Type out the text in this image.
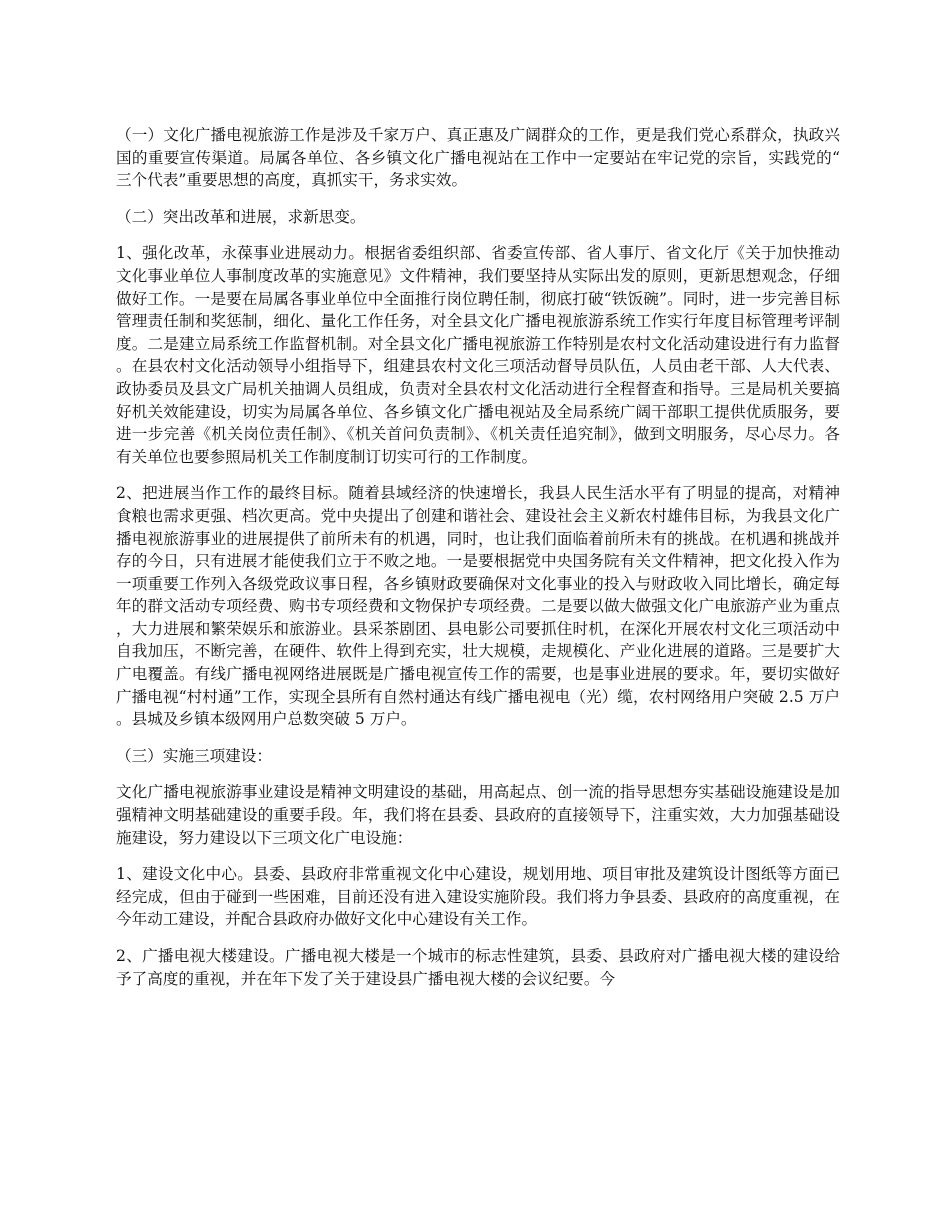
（一）文化广播电视旅游工作是涉及千家万户、真正惠及广阔群众的工作，更是我们党心系群众，执政兴国的重要宣传渠道。局属各单位、各乡镇文化广播电视站在工作中一定要站在牢记党的宗旨，实践党的“三个代表”重要思想的高度，真抓实干，务求实效。

（二）突出改革和进展，求新思变。

1、强化改革，永葆事业进展动力。根据省委组织部、省委宣传部、省人事厅、省文化厅《关于加快推动文化事业单位人事制度改革的实施意见》文件精神，我们要坚持从实际出发的原则，更新思想观念，仔细做好工作。一是要在局属各事业单位中全面推行岗位聘任制，彻底打破“铁饭碗”。同时，进一步完善目标管理责任制和奖惩制，细化、量化工作任务，对全县文化广播电视旅游系统工作实行年度目标管理考评制度。二是建立局系统工作监督机制。对全县文化广播电视旅游工作特别是农村文化活动建设进行有力监督。在县农村文化活动领导小组指导下，组建县农村文化三项活动督导员队伍，人员由老干部、人大代表、政协委员及县文广局机关抽调人员组成，负责对全县农村文化活动进行全程督查和指导。三是局机关要搞好机关效能建设，切实为局属各单位、各乡镇文化广播电视站及全局系统广阔干部职工提供优质服务，要进一步完善《机关岗位责任制》、《机关首问负责制》、《机关责任追究制》，做到文明服务，尽心尽力。各有关单位也要参照局机关工作制度制订切实可行的工作制度。

2、把进展当作工作的最终目标。随着县域经济的快速增长，我县人民生活水平有了明显的提高，对精神食粮也需求更强、档次更高。党中央提出了创建和谐社会、建设社会主义新农村雄伟目标，为我县文化广播电视旅游事业的进展提供了前所未有的机遇，同时，也让我们面临着前所未有的挑战。在机遇和挑战并存的今日，只有进展才能使我们立于不败之地。一是要根据党中央国务院有关文件精神，把文化投入作为一项重要工作列入各级党政议事日程，各乡镇财政要确保对文化事业的投入与财政收入同比增长，确定每年的群文活动专项经费、购书专项经费和文物保护专项经费。二是要以做大做强文化广电旅游产业为重点，大力进展和繁荣娱乐和旅游业。县采茶剧团、县电影公司要抓住时机，在深化开展农村文化三项活动中自我加压，不断完善，在硬件、软件上得到充实，壮大规模，走规模化、产业化进展的道路。三是要扩大广电覆盖。有线广播电视网络进展既是广播电视宣传工作的需要，也是事业进展的要求。年，要切实做好广播电视“村村通”工作，实现全县所有自然村通达有线广播电视电（光）缆，农村网络用户突破 2.5 万户。县城及乡镇本级网用户总数突破 5 万户。

（三）实施三项建设：

文化广播电视旅游事业建设是精神文明建设的基础，用高起点、创一流的指导思想夯实基础设施建设是加强精神文明基础建设的重要手段。年，我们将在县委、县政府的直接领导下，注重实效，大力加强基础设施建设，努力建设以下三项文化广电设施：

1、建设文化中心。县委、县政府非常重视文化中心建设，规划用地、项目审批及建筑设计图纸等方面已经完成，但由于碰到一些困难，目前还没有进入建设实施阶段。我们将力争县委、县政府的高度重视，在今年动工建设，并配合县政府办做好文化中心建设有关工作。

2、广播电视大楼建设。广播电视大楼是一个城市的标志性建筑，县委、县政府对广播电视大楼的建设给予了高度的重视，并在年下发了关于建设县广播电视大楼的会议纪要。今
